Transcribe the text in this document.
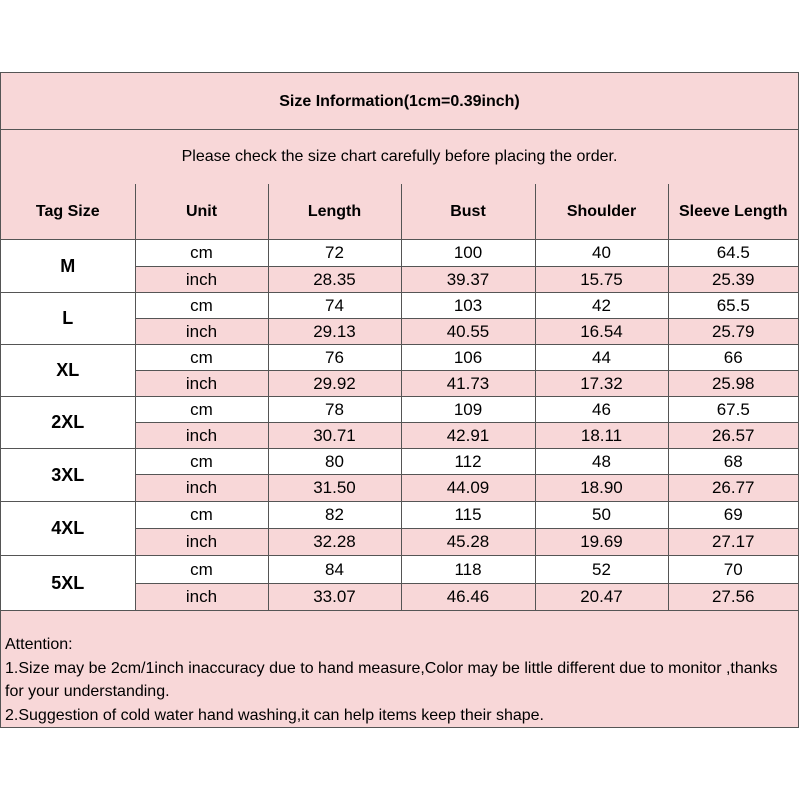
Size Information(1cm=0.39inch)
Please check the size chart carefully before placing the order.
Tag Size	Unit	Length	Bust	Shoulder	Sleeve Length
M	cm	72	100	40	64.5
	inch	28.35	39.37	15.75	25.39
L	cm	74	103	42	65.5
	inch	29.13	40.55	16.54	25.79
XL	cm	76	106	44	66
	inch	29.92	41.73	17.32	25.98
2XL	cm	78	109	46	67.5
	inch	30.71	42.91	18.11	26.57
3XL	cm	80	112	48	68
	inch	31.50	44.09	18.90	26.77
4XL	cm	82	115	50	69
	inch	32.28	45.28	19.69	27.17
5XL	cm	84	118	52	70
	inch	33.07	46.46	20.47	27.56
Attention:
1.Size may be 2cm/1inch inaccuracy due to hand measure,Color may be little different due to monitor ,thanks for your understanding.
2.Suggestion of cold water hand washing,it can help items keep their shape.
